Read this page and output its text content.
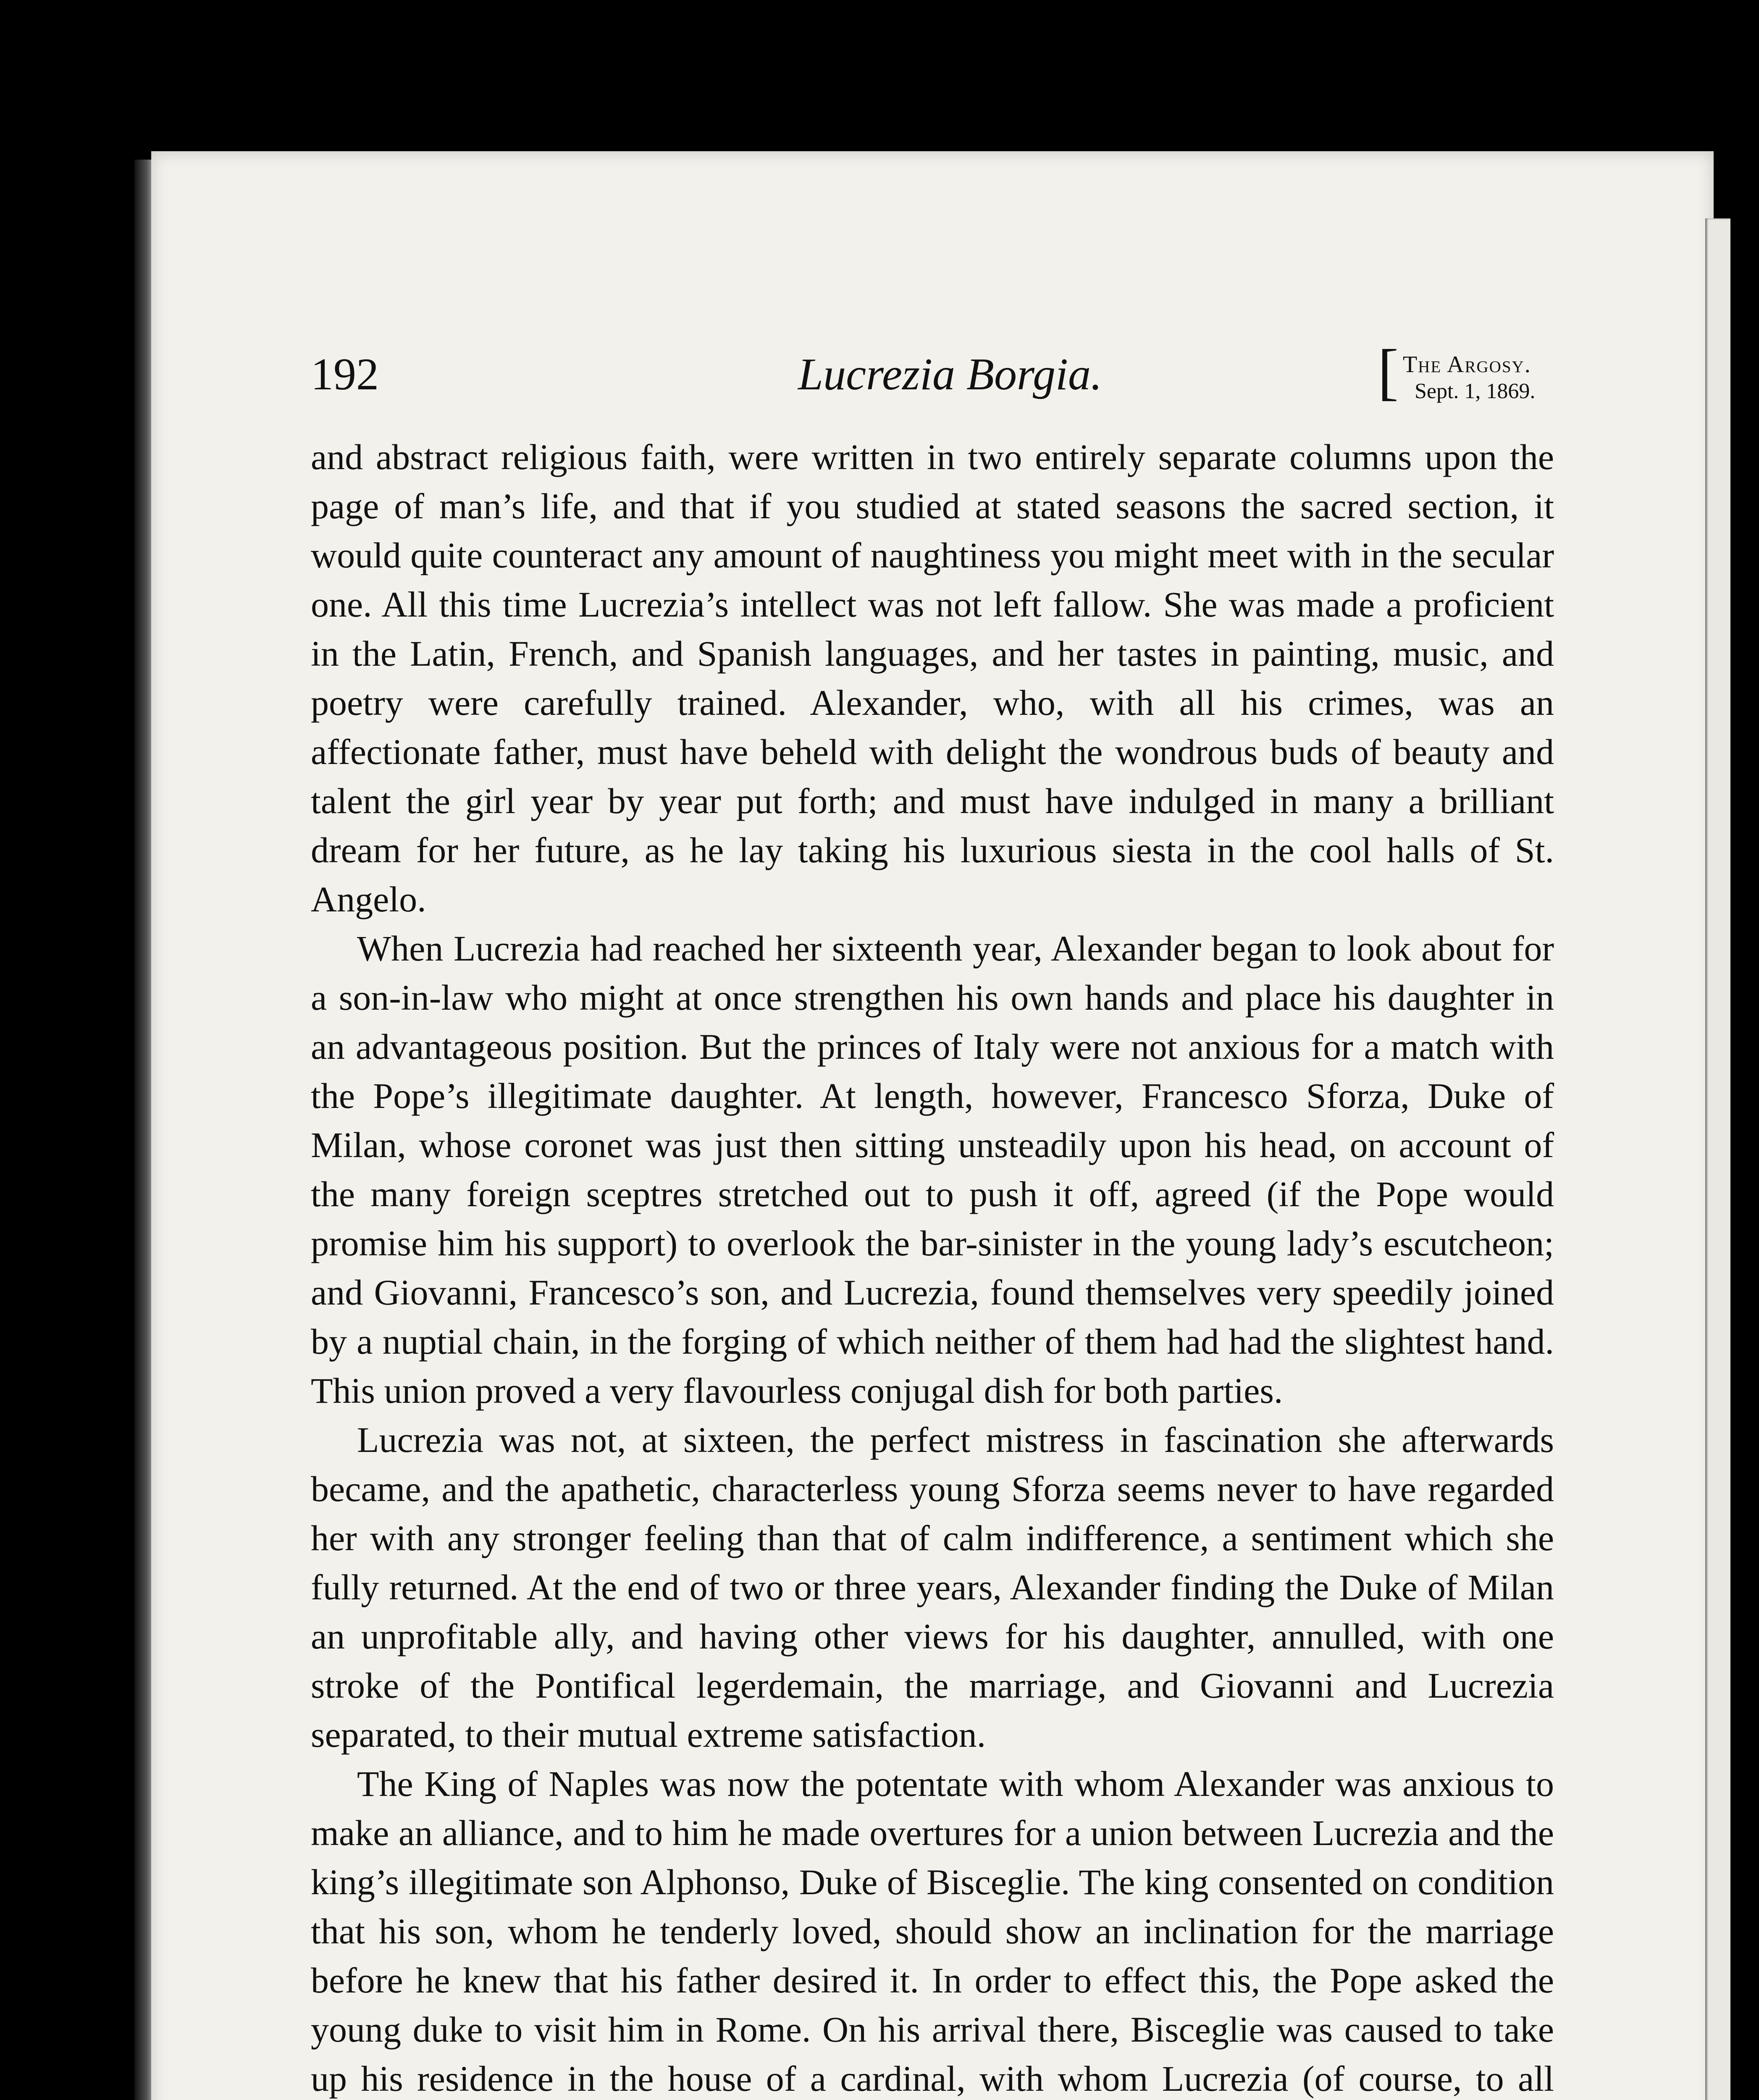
192	Lucrezia Borgia.	[ The Argosy.
Sept. 1, 1869.

and abstract religious faith, were written in two entirely separate columns upon the page of man’s life, and that if you studied at stated seasons the sacred section, it would quite counteract any amount of naughtiness you might meet with in the secular one. All this time Lucrezia’s intellect was not left fallow. She was made a proficient in the Latin, French, and Spanish languages, and her tastes in painting, music, and poetry were carefully trained. Alexander, who, with all his crimes, was an affectionate father, must have beheld with delight the wondrous buds of beauty and talent the girl year by year put forth; and must have indulged in many a brilliant dream for her future, as he lay taking his luxurious siesta in the cool halls of St. Angelo.

When Lucrezia had reached her sixteenth year, Alexander began to look about for a son-in-law who might at once strengthen his own hands and place his daughter in an advantageous position. But the princes of Italy were not anxious for a match with the Pope’s illegitimate daughter. At length, however, Francesco Sforza, Duke of Milan, whose coronet was just then sitting unsteadily upon his head, on account of the many foreign sceptres stretched out to push it off, agreed (if the Pope would promise him his support) to overlook the bar-sinister in the young lady’s escutcheon; and Giovanni, Francesco’s son, and Lucrezia, found themselves very speedily joined by a nuptial chain, in the forging of which neither of them had had the slightest hand. This union proved a very flavourless conjugal dish for both parties.

Lucrezia was not, at sixteen, the perfect mistress in fascination she afterwards became, and the apathetic, characterless young Sforza seems never to have regarded her with any stronger feeling than that of calm indifference, a sentiment which she fully returned. At the end of two or three years, Alexander finding the Duke of Milan an unprofitable ally, and having other views for his daughter, annulled, with one stroke of the Pontifical legerdemain, the marriage, and Giovanni and Lucrezia separated, to their mutual extreme satisfaction.

The King of Naples was now the potentate with whom Alexander was anxious to make an alliance, and to him he made overtures for a union between Lucrezia and the king’s illegitimate son Alphonso, Duke of Bisceglie. The king consented on condition that his son, whom he tenderly loved, should show an inclination for the marriage before he knew that his father desired it. In order to effect this, the Pope asked the young duke to visit him in Rome. On his arrival there, Bisceglie was caused to take up his residence in the house of a cardinal, with whom Lucrezia (of course, to all
